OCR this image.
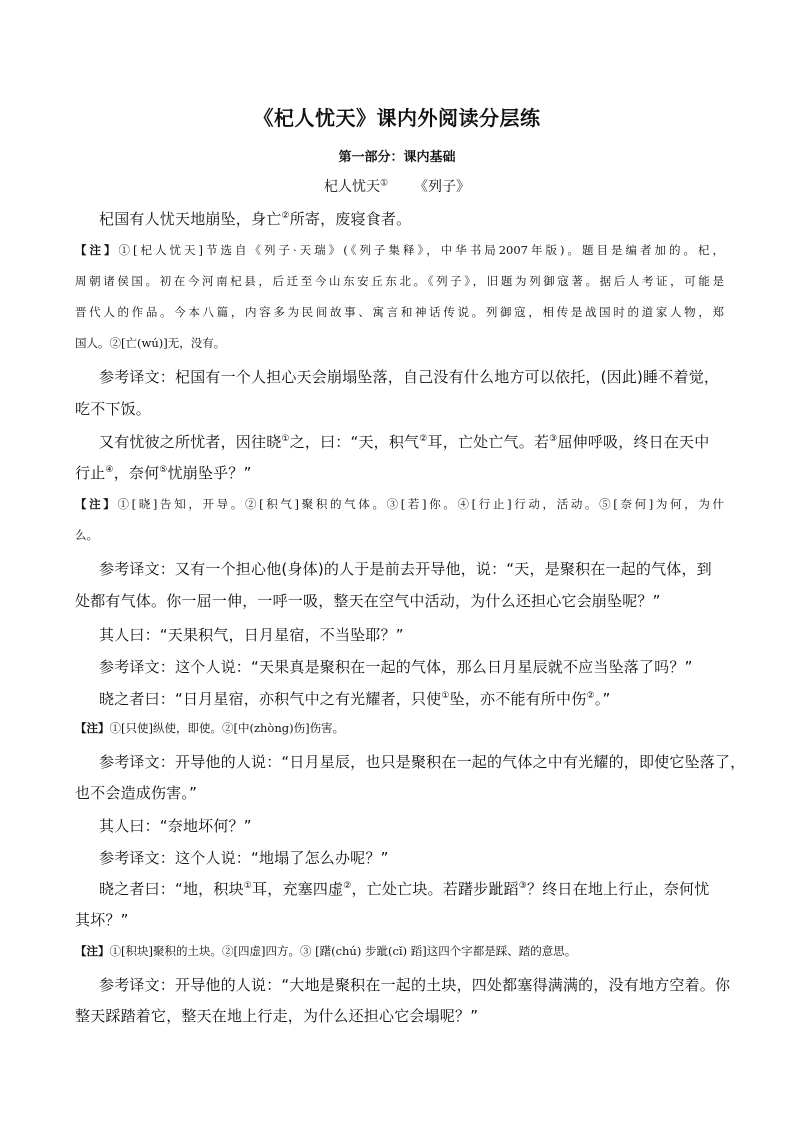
《杞人忧天》课内外阅读分层练
第一部分：课内基础
杞人忧天① 《列子》
杞国有人忧天地崩坠，身亡②所寄，废寝食者。
【注】①[杞人忧天]节选自《列子·天瑞》(《列子集释》，中华书局2007年版)。题目是编者加的。杞，
周朝诸侯国。初在今河南杞县，后迁至今山东安丘东北。《列子》，旧题为列御寇著。据后人考证，可能是
晋代人的作品。今本八篇，内容多为民间故事、寓言和神话传说。列御寇，相传是战国时的道家人物，郑
国人。②[亡(wú)]无，没有。
参考译文：杞国有一个人担心天会崩塌坠落，自己没有什么地方可以依托，(因此)睡不着觉，
吃不下饭。
又有忧彼之所忧者，因往晓①之，曰：“天，积气②耳，亡处亡气。若③屈伸呼吸，终日在天中
行止④，奈何⑤忧崩坠乎？”
【注】①[晓]告知，开导。②[积气]聚积的气体。③[若]你。④[行止]行动，活动。⑤[奈何]为何，为什
么。
参考译文：又有一个担心他(身体)的人于是前去开导他，说：“天，是聚积在一起的气体，到
处都有气体。你一屈一伸，一呼一吸，整天在空气中活动，为什么还担心它会崩坠呢？”
其人曰：“天果积气，日月星宿，不当坠耶？”
参考译文：这个人说：“天果真是聚积在一起的气体，那么日月星辰就不应当坠落了吗？”
晓之者曰：“日月星宿，亦积气中之有光耀者，只使①坠，亦不能有所中伤②。”
【注】①[只使]纵使，即使。②[中(zhòng)伤]伤害。
参考译文：开导他的人说：“日月星辰，也只是聚积在一起的气体之中有光耀的，即使它坠落了，
也不会造成伤害。”
其人曰：“奈地坏何？”
参考译文：这个人说：“地塌了怎么办呢？”
晓之者曰：“地，积块①耳，充塞四虚②，亡处亡块。若躇步跐蹈③？终日在地上行止，奈何忧
其坏？”
【注】①[积块]聚积的土块。②[四虚]四方。③ [躇(chú) 步跐(cǐ) 蹈]这四个字都是踩、踏的意思。
参考译文：开导他的人说：“大地是聚积在一起的土块，四处都塞得满满的，没有地方空着。你
整天踩踏着它，整天在地上行走，为什么还担心它会塌呢？”
